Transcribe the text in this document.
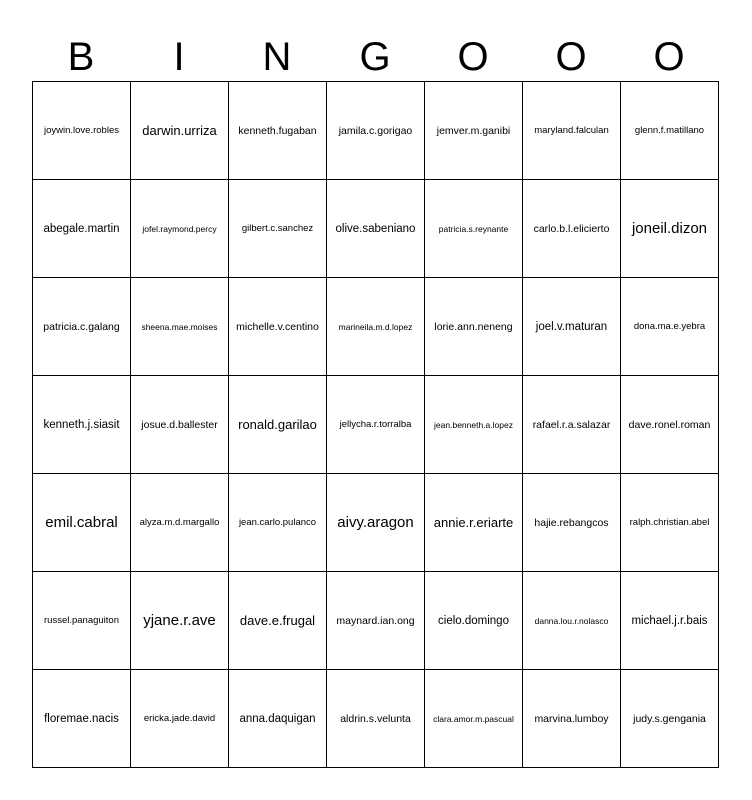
B	I	N	G	O	O	O
joywin.love.robles	darwin.urriza	kenneth.fugaban	jamila.c.gorigao	jemver.m.ganibi	maryland.falculan	glenn.f.matillano
abegale.martin	jofel.raymond.percy	gilbert.c.sanchez	olive.sabeniano	patricia.s.reynante	carlo.b.l.elicierto	joneil.dizon
patricia.c.galang	sheena.mae.moises	michelle.v.centino	marineila.m.d.lopez	lorie.ann.neneng	joel.v.maturan	dona.ma.e.yebra
kenneth.j.siasit	josue.d.ballester	ronald.garilao	jellycha.r.torralba	jean.benneth.a.lopez	rafael.r.a.salazar	dave.ronel.roman
emil.cabral	alyza.m.d.margallo	jean.carlo.pulanco	aivy.aragon	annie.r.eriarte	hajie.rebangcos	ralph.christian.abel
russel.panaguiton	yjane.r.ave	dave.e.frugal	maynard.ian.ong	cielo.domingo	danna.lou.r.nolasco	michael.j.r.bais
floremae.nacis	ericka.jade.david	anna.daquigan	aldrin.s.velunta	clara.amor.m.pascual	marvina.lumboy	judy.s.gengania
